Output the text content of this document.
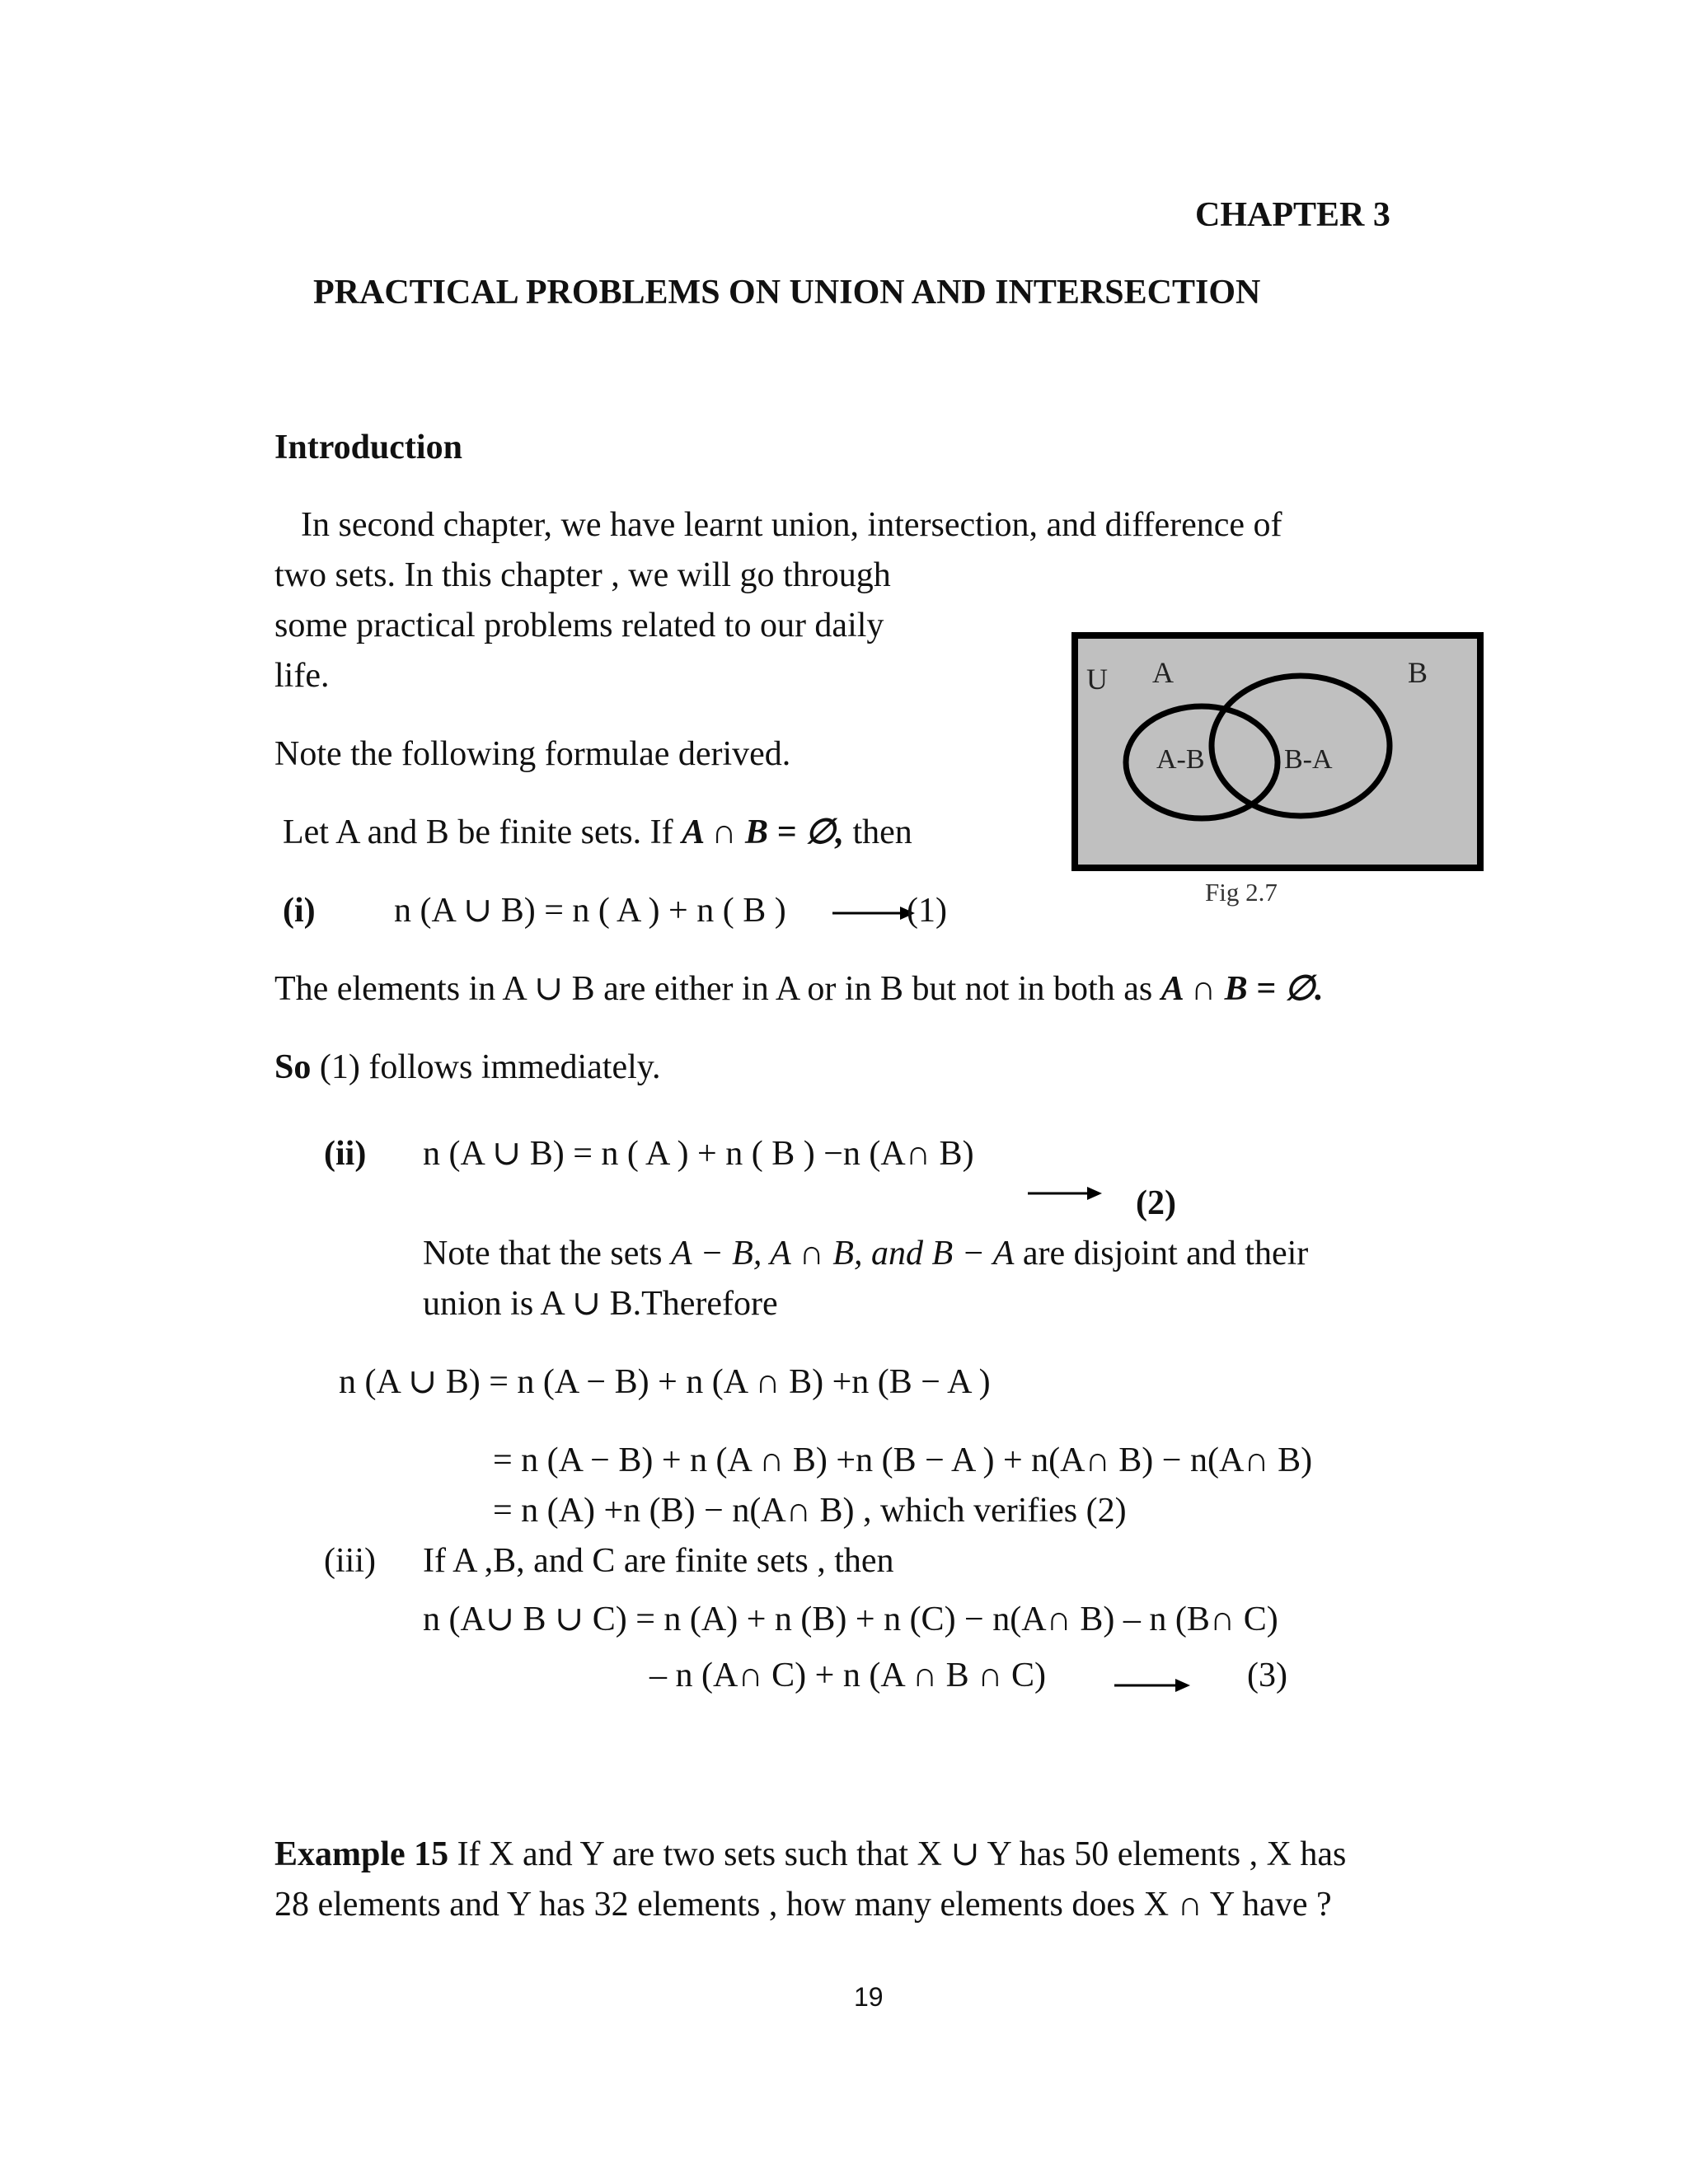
CHAPTER 3
PRACTICAL PROBLEMS ON UNION AND INTERSECTION
Introduction
In second chapter, we have learnt union, intersection, and difference of
two sets. In this chapter , we will go through
some practical problems related to our daily
life.
Note the following formulae derived.
Let A and B be finite sets. If A ∩ B = ∅, then
U A	B
A-B	B-A
Fig 2.7
(i) n (A ∪ B) = n ( A ) + n ( B )	(1)
The elements in A ∪ B are either in A or in B but not in both as A ∩ B = ∅.
So (1) follows immediately.
(ii) n (A ∪ B) = n ( A ) + n ( B ) −n (A∩ B)
(2)
Note that the sets A − B, A ∩ B, and B − A are disjoint and their
union is A ∪ B.Therefore
n (A ∪ B) = n (A − B) + n (A ∩ B) +n (B − A )
= n (A − B) + n (A ∩ B) +n (B − A ) + n(A∩ B) − n(A∩ B)
= n (A) +n (B) − n(A∩ B) , which verifies (2)
(iii) If A ,B, and C are finite sets , then
n (A∪ B ∪ C) = n (A) + n (B) + n (C) − n(A∩ B) – n (B∩ C)
– n (A∩ C) + n (A ∩ B ∩ C)	(3)
Example 15 If X and Y are two sets such that X ∪ Y has 50 elements , X has
28 elements and Y has 32 elements , how many elements does X ∩ Y have ?
19
